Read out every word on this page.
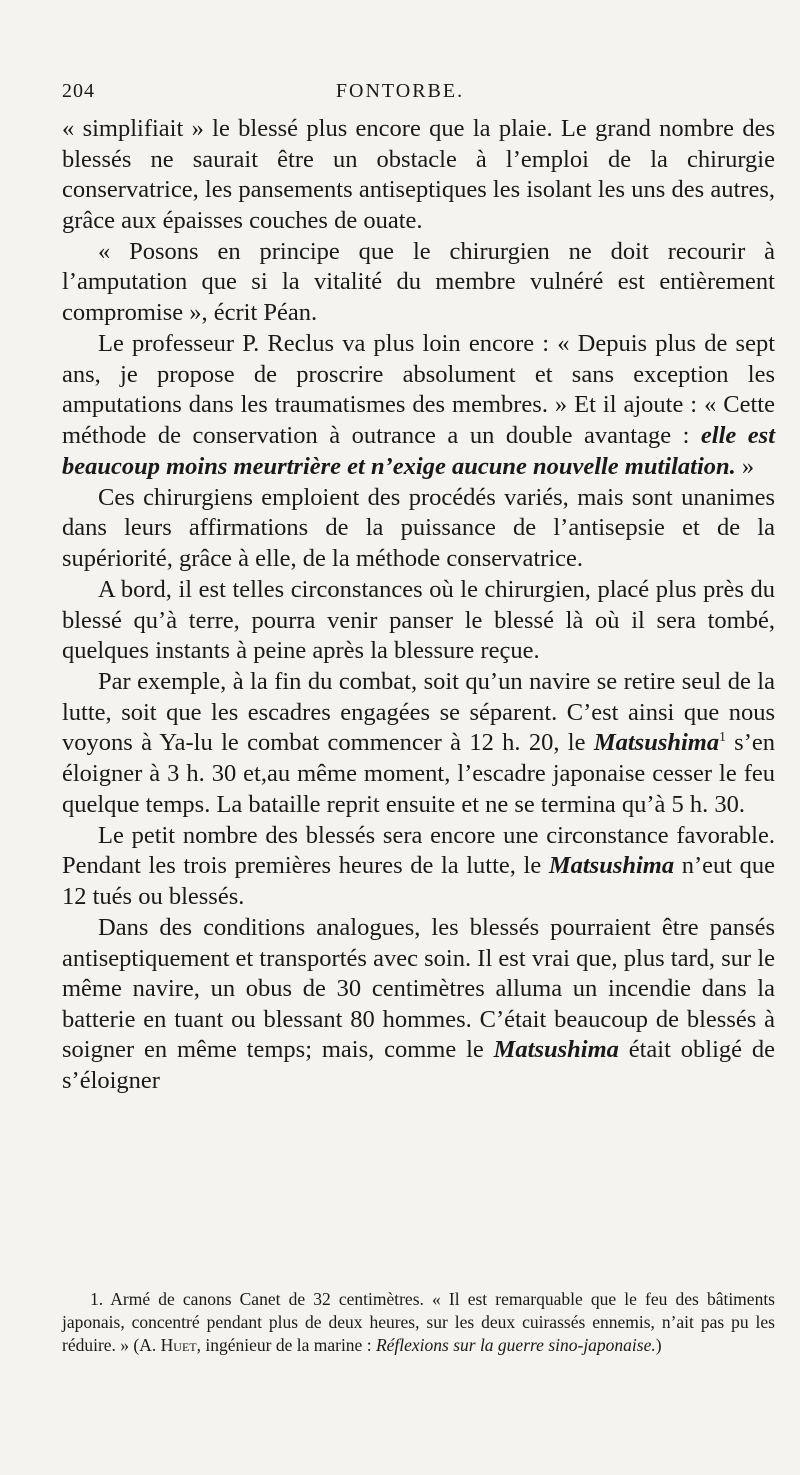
204	FONTORBE.

« simplifiait » le blessé plus encore que la plaie. Le grand nombre des blessés ne saurait être un obstacle à l’emploi de la chirurgie conservatrice, les pansements antiseptiques les isolant les uns des autres, grâce aux épaisses couches de ouate.

« Posons en principe que le chirurgien ne doit recourir à l’amputation que si la vitalité du membre vulnéré est entièrement compromise », écrit Péan.

Le professeur P. Reclus va plus loin encore : « Depuis plus de sept ans, je propose de proscrire absolument et sans exception les amputations dans les traumatismes des membres. » Et il ajoute : « Cette méthode de conservation à outrance a un double avantage : elle est beaucoup moins meurtrière et n’exige aucune nouvelle mutilation. »

Ces chirurgiens emploient des procédés variés, mais sont unanimes dans leurs affirmations de la puissance de l’antisepsie et de la supériorité, grâce à elle, de la méthode conservatrice.

A bord, il est telles circonstances où le chirurgien, placé plus près du blessé qu’à terre, pourra venir panser le blessé là où il sera tombé, quelques instants à peine après la blessure reçue.

Par exemple, à la fin du combat, soit qu’un navire se retire seul de la lutte, soit que les escadres engagées se séparent. C’est ainsi que nous voyons à Ya-lu le combat commencer à 12 h. 20, le Matsushima$^1$ s’en éloigner à 3 h. 30 et,au même moment, l’escadre japonaise cesser le feu quelque temps. La bataille reprit ensuite et ne se termina qu’à 5 h. 30.

Le petit nombre des blessés sera encore une circonstance favorable. Pendant les trois premières heures de la lutte, le Matsushima n’eut que 12 tués ou blessés.

Dans des conditions analogues, les blessés pourraient être pansés antiseptiquement et transportés avec soin. Il est vrai que, plus tard, sur le même navire, un obus de 30 centimètres alluma un incendie dans la batterie en tuant ou blessant 80 hommes. C’était beaucoup de blessés à soigner en même temps; mais, comme le Matsushima était obligé de s’éloigner

1. Armé de canons Canet de 32 centimètres. « Il est remarquable que le feu des bâtiments japonais, concentré pendant plus de deux heures, sur les deux cuirassés ennemis, n’ait pas pu les réduire. » (A. Huet, ingénieur de la marine : Réflexions sur la guerre sino-japonaise.)
